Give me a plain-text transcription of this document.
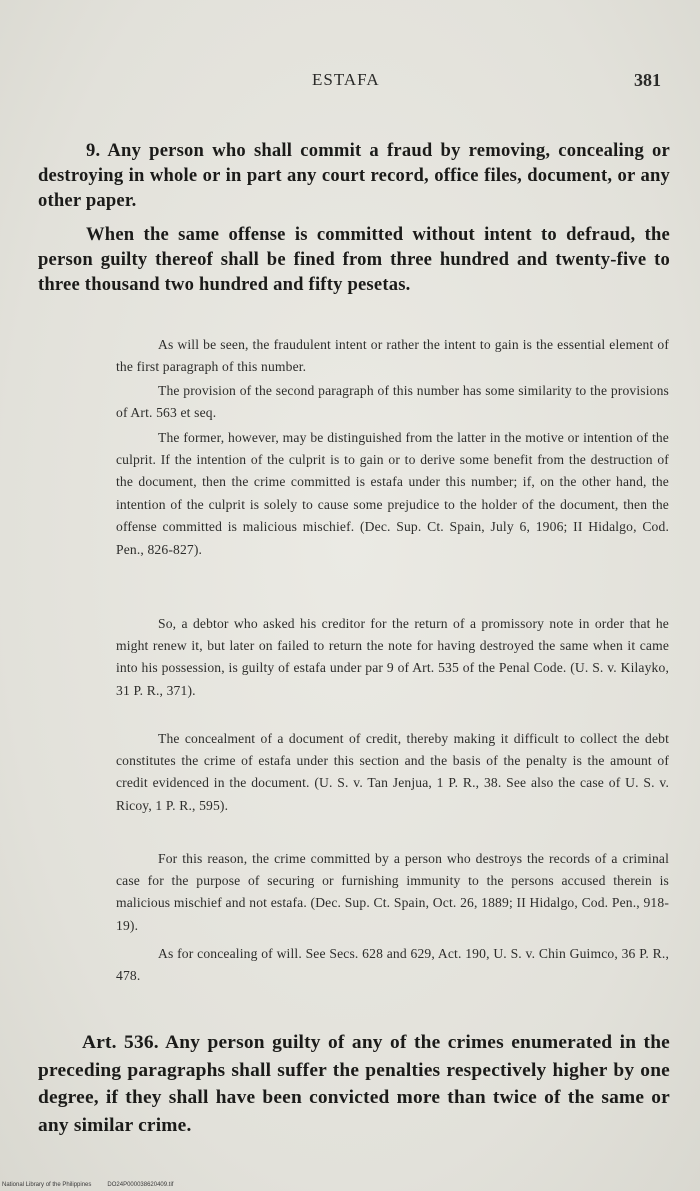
ESTAFA	381

9. Any person who shall commit a fraud by removing, concealing or destroying in whole or in part any court record, office files, document, or any other paper.

When the same offense is committed without intent to defraud, the person guilty thereof shall be fined from three hundred and twenty-five to three thousand two hundred and fifty pesetas.

As will be seen, the fraudulent intent or rather the intent to gain is the essential element of the first paragraph of this number.

The provision of the second paragraph of this number has some similarity to the provisions of Art. 563 et seq.

The former, however, may be distinguished from the latter in the motive or intention of the culprit. If the intention of the culprit is to gain or to derive some benefit from the destruction of the document, then the crime committed is estafa under this number; if, on the other hand, the intention of the culprit is solely to cause some prejudice to the holder of the document, then the offense committed is malicious mischief. (Dec. Sup. Ct. Spain, July 6, 1906; II Hidalgo, Cod. Pen., 826-827).

So, a debtor who asked his creditor for the return of a promissory note in order that he might renew it, but later on failed to return the note for having destroyed the same when it came into his possession, is guilty of estafa under par 9 of Art. 535 of the Penal Code. (U. S. v. Kilayko, 31 P. R., 371).

The concealment of a document of credit, thereby making it difficult to collect the debt constitutes the crime of estafa under this section and the basis of the penalty is the amount of credit evidenced in the document. (U. S. v. Tan Jenjua, 1 P. R., 38. See also the case of U. S. v. Ricoy, 1 P. R., 595).

For this reason, the crime committed by a person who destroys the records of a criminal case for the purpose of securing or furnishing immunity to the persons accused therein is malicious mischief and not estafa. (Dec. Sup. Ct. Spain, Oct. 26, 1889; II Hidalgo, Cod. Pen., 918-19).

As for concealing of will. See Secs. 628 and 629, Act. 190, U. S. v. Chin Guimco, 36 P. R., 478.

Art. 536. Any person guilty of any of the crimes enumerated in the preceding paragraphs shall suffer the penalties respectively higher by one degree, if they shall have been convicted more than twice of the same or any similar crime.

National Library of the Philippines	DO24P000038620409.tif
